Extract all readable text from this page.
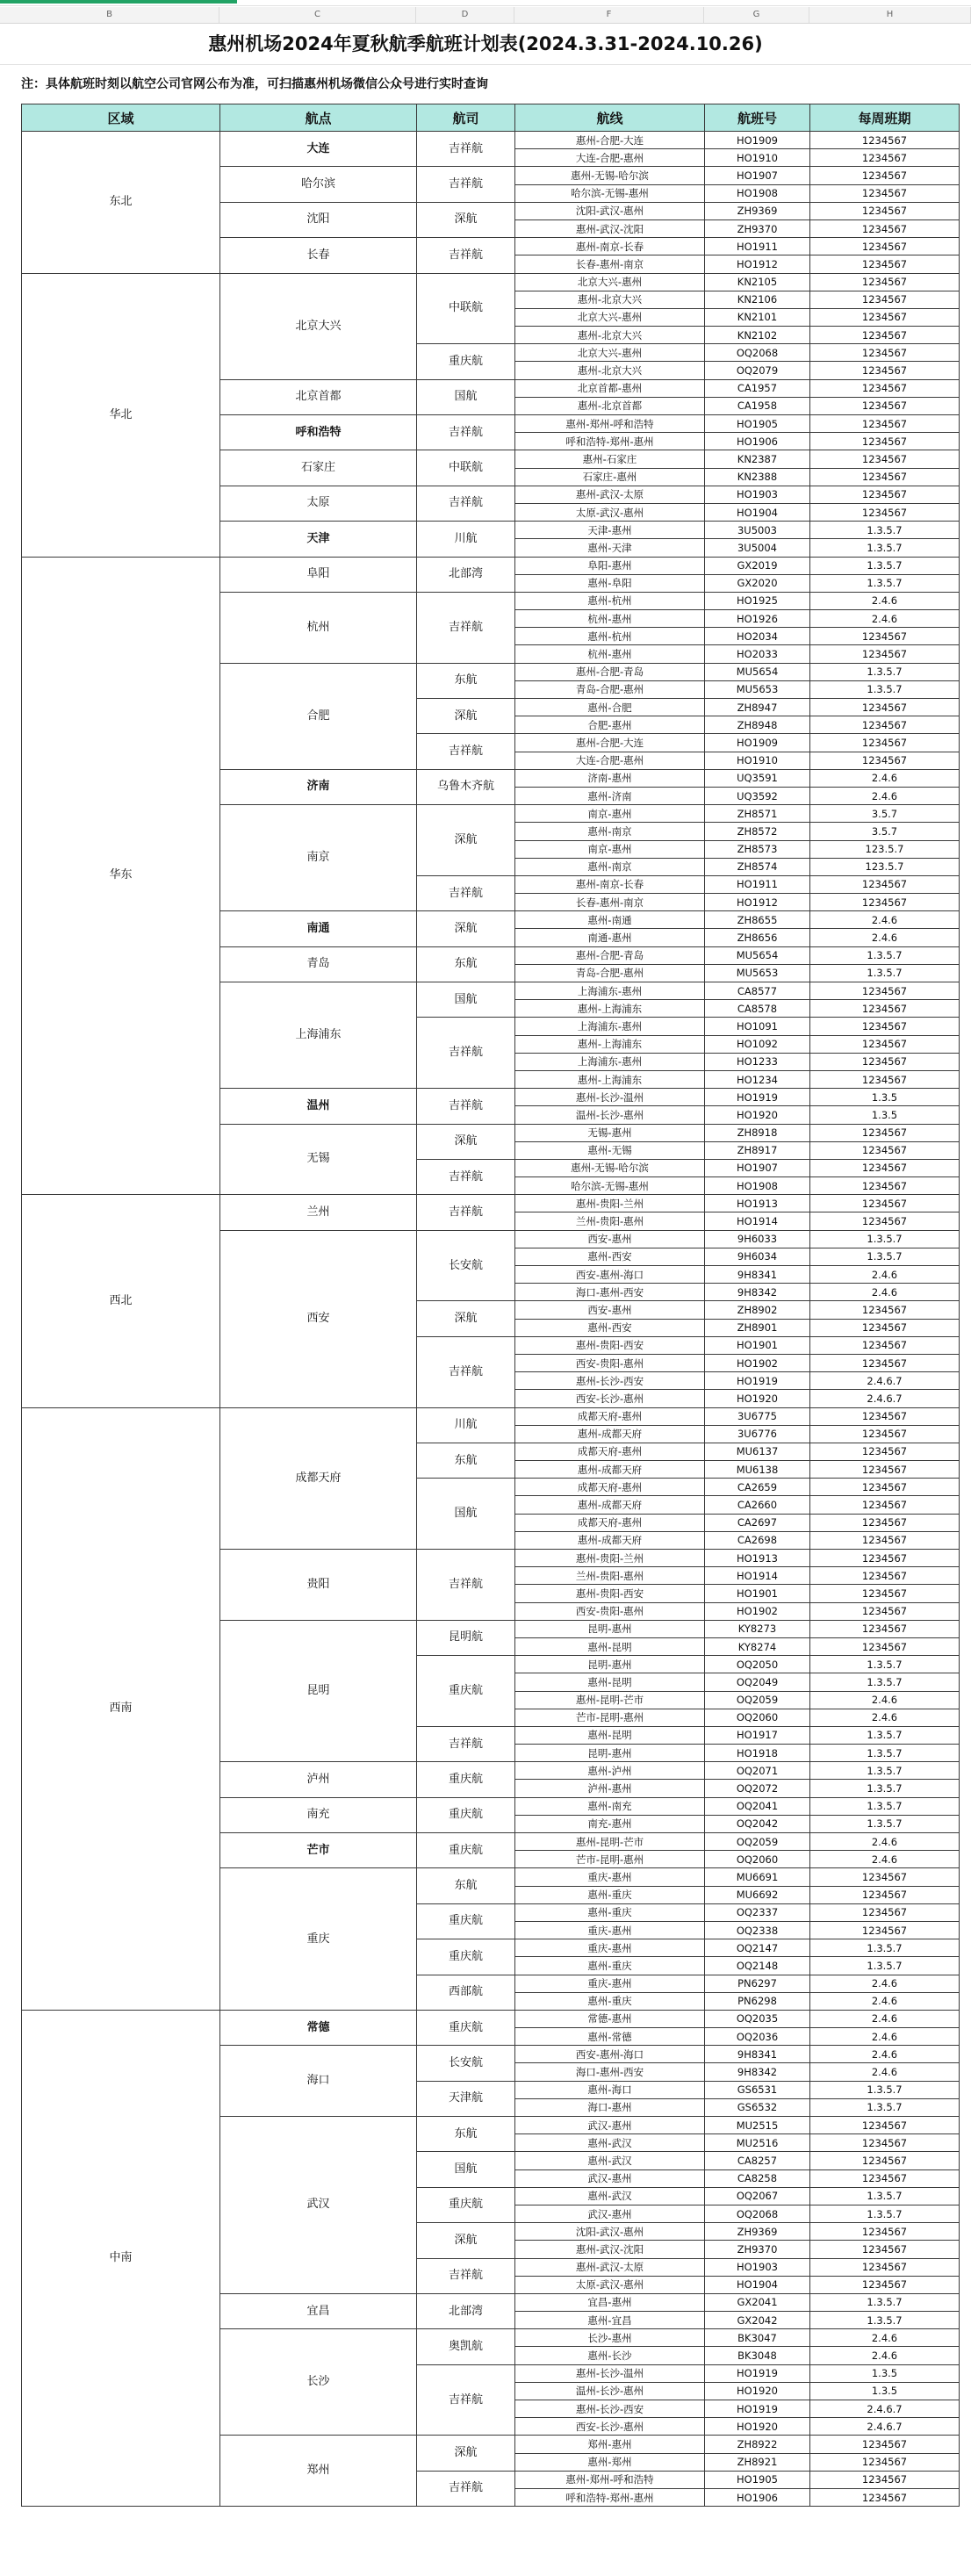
B	C	D	F	G	H
惠州机场2024年夏秋航季航班计划表(2024.3.31-2024.10.26)
注：具体航班时刻以航空公司官网公布为准，可扫描惠州机场微信公众号进行实时查询
区域	航点	航司	航线	航班号	每周班期
东北	大连	吉祥航	惠州-合肥-大连	HO1909	1234567
			大连-合肥-惠州	HO1910	1234567
	哈尔滨	吉祥航	惠州-无锡-哈尔滨	HO1907	1234567
			哈尔滨-无锡-惠州	HO1908	1234567
	沈阳	深航	沈阳-武汉-惠州	ZH9369	1234567
			惠州-武汉-沈阳	ZH9370	1234567
	长春	吉祥航	惠州-南京-长春	HO1911	1234567
			长春-惠州-南京	HO1912	1234567
华北	北京大兴	中联航	北京大兴-惠州	KN2105	1234567
			惠州-北京大兴	KN2106	1234567
			北京大兴-惠州	KN2101	1234567
			惠州-北京大兴	KN2102	1234567
		重庆航	北京大兴-惠州	OQ2068	1234567
			惠州-北京大兴	OQ2079	1234567
	北京首都	国航	北京首都-惠州	CA1957	1234567
			惠州-北京首都	CA1958	1234567
	呼和浩特	吉祥航	惠州-郑州-呼和浩特	HO1905	1234567
			呼和浩特-郑州-惠州	HO1906	1234567
	石家庄	中联航	惠州-石家庄	KN2387	1234567
			石家庄-惠州	KN2388	1234567
	太原	吉祥航	惠州-武汉-太原	HO1903	1234567
			太原-武汉-惠州	HO1904	1234567
	天津	川航	天津-惠州	3U5003	1.3.5.7
			惠州-天津	3U5004	1.3.5.7
华东	阜阳	北部湾	阜阳-惠州	GX2019	1.3.5.7
			惠州-阜阳	GX2020	1.3.5.7
	杭州	吉祥航	惠州-杭州	HO1925	2.4.6
			杭州-惠州	HO1926	2.4.6
			惠州-杭州	HO2034	1234567
			杭州-惠州	HO2033	1234567
	合肥	东航	惠州-合肥-青岛	MU5654	1.3.5.7
			青岛-合肥-惠州	MU5653	1.3.5.7
		深航	惠州-合肥	ZH8947	1234567
			合肥-惠州	ZH8948	1234567
		吉祥航	惠州-合肥-大连	HO1909	1234567
			大连-合肥-惠州	HO1910	1234567
	济南	乌鲁木齐航	济南-惠州	UQ3591	2.4.6
			惠州-济南	UQ3592	2.4.6
	南京	深航	南京-惠州	ZH8571	3.5.7
			惠州-南京	ZH8572	3.5.7
			南京-惠州	ZH8573	123.5.7
			惠州-南京	ZH8574	123.5.7
		吉祥航	惠州-南京-长春	HO1911	1234567
			长春-惠州-南京	HO1912	1234567
	南通	深航	惠州-南通	ZH8655	2.4.6
			南通-惠州	ZH8656	2.4.6
	青岛	东航	惠州-合肥-青岛	MU5654	1.3.5.7
			青岛-合肥-惠州	MU5653	1.3.5.7
	上海浦东	国航	上海浦东-惠州	CA8577	1234567
			惠州-上海浦东	CA8578	1234567
		吉祥航	上海浦东-惠州	HO1091	1234567
			惠州-上海浦东	HO1092	1234567
			上海浦东-惠州	HO1233	1234567
			惠州-上海浦东	HO1234	1234567
	温州	吉祥航	惠州-长沙-温州	HO1919	1.3.5
			温州-长沙-惠州	HO1920	1.3.5
	无锡	深航	无锡-惠州	ZH8918	1234567
			惠州-无锡	ZH8917	1234567
		吉祥航	惠州-无锡-哈尔滨	HO1907	1234567
			哈尔滨-无锡-惠州	HO1908	1234567
西北	兰州	吉祥航	惠州-贵阳-兰州	HO1913	1234567
			兰州-贵阳-惠州	HO1914	1234567
	西安	长安航	西安-惠州	9H6033	1.3.5.7
			惠州-西安	9H6034	1.3.5.7
			西安-惠州-海口	9H8341	2.4.6
			海口-惠州-西安	9H8342	2.4.6
		深航	西安-惠州	ZH8902	1234567
			惠州-西安	ZH8901	1234567
		吉祥航	惠州-贵阳-西安	HO1901	1234567
			西安-贵阳-惠州	HO1902	1234567
			惠州-长沙-西安	HO1919	2.4.6.7
			西安-长沙-惠州	HO1920	2.4.6.7
西南	成都天府	川航	成都天府-惠州	3U6775	1234567
			惠州-成都天府	3U6776	1234567
		东航	成都天府-惠州	MU6137	1234567
			惠州-成都天府	MU6138	1234567
		国航	成都天府-惠州	CA2659	1234567
			惠州-成都天府	CA2660	1234567
			成都天府-惠州	CA2697	1234567
			惠州-成都天府	CA2698	1234567
	贵阳	吉祥航	惠州-贵阳-兰州	HO1913	1234567
			兰州-贵阳-惠州	HO1914	1234567
			惠州-贵阳-西安	HO1901	1234567
			西安-贵阳-惠州	HO1902	1234567
	昆明	昆明航	昆明-惠州	KY8273	1234567
			惠州-昆明	KY8274	1234567
		重庆航	昆明-惠州	OQ2050	1.3.5.7
			惠州-昆明	OQ2049	1.3.5.7
			惠州-昆明-芒市	OQ2059	2.4.6
			芒市-昆明-惠州	OQ2060	2.4.6
		吉祥航	惠州-昆明	HO1917	1.3.5.7
			昆明-惠州	HO1918	1.3.5.7
	泸州	重庆航	惠州-泸州	OQ2071	1.3.5.7
			泸州-惠州	OQ2072	1.3.5.7
	南充	重庆航	惠州-南充	OQ2041	1.3.5.7
			南充-惠州	OQ2042	1.3.5.7
	芒市	重庆航	惠州-昆明-芒市	OQ2059	2.4.6
			芒市-昆明-惠州	OQ2060	2.4.6
	重庆	东航	重庆-惠州	MU6691	1234567
			惠州-重庆	MU6692	1234567
		重庆航	惠州-重庆	OQ2337	1234567
			重庆-惠州	OQ2338	1234567
		重庆航	重庆-惠州	OQ2147	1.3.5.7
			惠州-重庆	OQ2148	1.3.5.7
		西部航	重庆-惠州	PN6297	2.4.6
			惠州-重庆	PN6298	2.4.6
中南	常德	重庆航	常德-惠州	OQ2035	2.4.6
			惠州-常德	OQ2036	2.4.6
	海口	长安航	西安-惠州-海口	9H8341	2.4.6
			海口-惠州-西安	9H8342	2.4.6
		天津航	惠州-海口	GS6531	1.3.5.7
			海口-惠州	GS6532	1.3.5.7
	武汉	东航	武汉-惠州	MU2515	1234567
			惠州-武汉	MU2516	1234567
		国航	惠州-武汉	CA8257	1234567
			武汉-惠州	CA8258	1234567
		重庆航	惠州-武汉	OQ2067	1.3.5.7
			武汉-惠州	OQ2068	1.3.5.7
		深航	沈阳-武汉-惠州	ZH9369	1234567
			惠州-武汉-沈阳	ZH9370	1234567
		吉祥航	惠州-武汉-太原	HO1903	1234567
			太原-武汉-惠州	HO1904	1234567
	宜昌	北部湾	宜昌-惠州	GX2041	1.3.5.7
			惠州-宜昌	GX2042	1.3.5.7
	长沙	奥凯航	长沙-惠州	BK3047	2.4.6
			惠州-长沙	BK3048	2.4.6
		吉祥航	惠州-长沙-温州	HO1919	1.3.5
			温州-长沙-惠州	HO1920	1.3.5
			惠州-长沙-西安	HO1919	2.4.6.7
			西安-长沙-惠州	HO1920	2.4.6.7
	郑州	深航	郑州-惠州	ZH8922	1234567
			惠州-郑州	ZH8921	1234567
		吉祥航	惠州-郑州-呼和浩特	HO1905	1234567
			呼和浩特-郑州-惠州	HO1906	1234567
